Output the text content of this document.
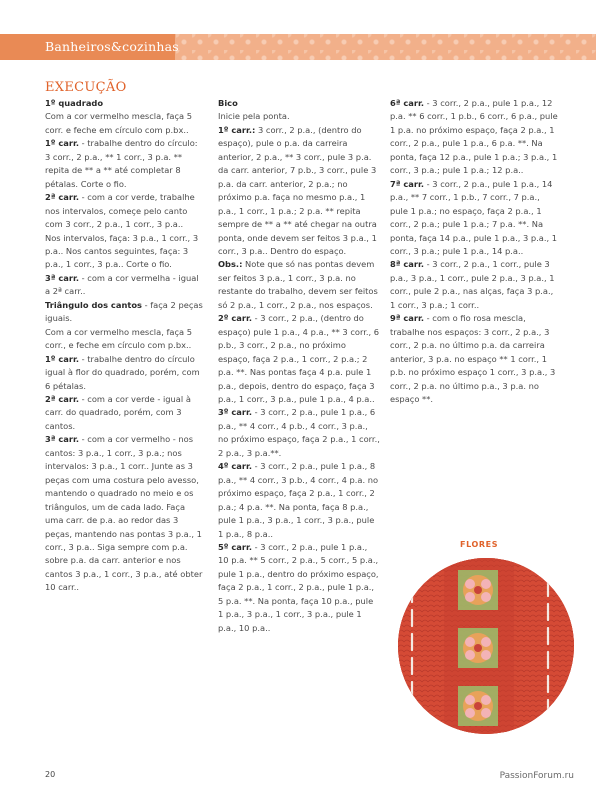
Banheiros&cozinhas
EXECUÇÃO
1º quadrado
Com a cor vermelho mescla, faça 5 corr. e feche em círculo com p.bx..
1º carr. - trabalhe dentro do círculo: 3 corr., 2 p.a., ** 1 corr., 3 p.a. ** repita de ** a ** até completar 8 pétalas. Corte o fio.
2ª carr. - com a cor verde, trabalhe nos intervalos, começe pelo canto com 3 corr., 2 p.a., 1 corr., 3 p.a..
Nos intervalos, faça: 3 p.a., 1 corr., 3 p.a.. Nos cantos seguintes, faça: 3 p.a., 1 corr., 3 p.a.. Corte o fio.
3ª carr. - com a cor vermelha - igual a 2ª carr..
Triângulo dos cantos - faça 2 peças iguais.
Com a cor vermelho mescla, faça 5 corr., e feche em círculo com p.bx..
1º carr. - trabalhe dentro do círculo igual à flor do quadrado, porém, com 6 pétalas.
2ª carr. - com a cor verde - igual à carr. do quadrado, porém, com 3 cantos.
3ª carr. - com a cor vermelho - nos cantos: 3 p.a., 1 corr., 3 p.a.; nos intervalos: 3 p.a., 1 corr.. Junte as 3 peças com uma costura pelo avesso, mantendo o quadrado no meio e os triângulos, um de cada lado. Faça uma carr. de p.a. ao redor das 3 peças, mantendo nas pontas 3 p.a., 1 corr., 3 p.a.. Siga sempre com p.a. sobre p.a. da carr. anterior e nos cantos 3 p.a., 1 corr., 3 p.a., até obter 10 carr..
Bico
Inicie pela ponta.
1º carr.: 3 corr., 2 p.a., (dentro do espaço), pule o p.a. da carreira anterior, 2 p.a., ** 3 corr., pule 3 p.a. da carr. anterior, 7 p.b., 3 corr., pule 3 p.a. da carr. anterior, 2 p.a.; no próximo p.a. faça no mesmo p.a., 1 p.a., 1 corr., 1 p.a.; 2 p.a. ** repita sempre de ** a ** até chegar na outra ponta, onde devem ser feitos 3 p.a., 1 corr., 3 p.a.. Dentro do espaço.
Obs.: Note que só nas pontas devem ser feitos 3 p.a., 1 corr., 3 p.a. no restante do trabalho, devem ser feitos só 2 p.a., 1 corr., 2 p.a., nos espaços.
2º carr. - 3 corr., 2 p.a., (dentro do espaço) pule 1 p.a., 4 p.a., ** 3 corr., 6 p.b., 3 corr., 2 p.a., no próximo espaço, faça 2 p.a., 1 corr., 2 p.a.; 2 p.a. **. Nas pontas faça 4 p.a. pule 1 p.a., depois, dentro do espaço, faça 3 p.a., 1 corr., 3 p.a., pule 1 p.a., 4 p.a..
3º carr. - 3 corr., 2 p.a., pule 1 p.a., 6 p.a., ** 4 corr., 4 p.b., 4 corr., 3 p.a., no próximo espaço, faça 2 p.a., 1 corr., 2 p.a., 3 p.a.**.
4º carr. - 3 corr., 2 p.a., pule 1 p.a., 8 p.a., ** 4 corr., 3 p.b., 4 corr., 4 p.a. no próximo espaço, faça 2 p.a., 1 corr., 2 p.a.; 4 p.a. **. Na ponta, faça 8 p.a., pule 1 p.a., 3 p.a., 1 corr., 3 p.a., pule 1 p.a., 8 p.a..
5º carr. - 3 corr., 2 p.a., pule 1 p.a., 10 p.a. ** 5 corr., 2 p.a., 5 corr., 5 p.a., pule 1 p.a., dentro do próximo espaço, faça 2 p.a., 1 corr., 2 p.a., pule 1 p.a., 5 p.a. **. Na ponta, faça 10 p.a., pule 1 p.a., 3 p.a., 1 corr., 3 p.a., pule 1 p.a., 10 p.a..
6ª carr. - 3 corr., 2 p.a., pule 1 p.a., 12 p.a. ** 6 corr., 1 p.b., 6 corr., 6 p.a., pule 1 p.a. no próximo espaço, faça 2 p.a., 1 corr., 2 p.a., pule 1 p.a., 6 p.a. **. Na ponta, faça 12 p.a., pule 1 p.a.; 3 p.a., 1 corr., 3 p.a.; pule 1 p.a.; 12 p.a..
7ª carr. - 3 corr., 2 p.a., pule 1 p.a., 14 p.a., ** 7 corr., 1 p.b., 7 corr., 7 p.a., pule 1 p.a.; no espaço, faça 2 p.a., 1 corr., 2 p.a.; pule 1 p.a.; 7 p.a. **. Na ponta, faça 14 p.a., pule 1 p.a., 3 p.a., 1 corr., 3 p.a.; pule 1 p.a., 14 p.a..
8ª carr. - 3 corr., 2 p.a., 1 corr., pule 3 p.a., 3 p.a., 1 corr., pule 2 p.a., 3 p.a., 1 corr., pule 2 p.a., nas alças, faça 3 p.a., 1 corr., 3 p.a.; 1 corr..
9ª carr. - com o fio rosa mescla, trabalhe nos espaços: 3 corr., 2 p.a., 3 corr., 2 p.a. no último p.a. da carreira anterior, 3 p.a. no espaço ** 1 corr., 1 p.b. no próximo espaço 1 corr., 3 p.a., 3 corr., 2 p.a. no último p.a., 3 p.a. no espaço **.
FLORES
20	PassionForum.ru
